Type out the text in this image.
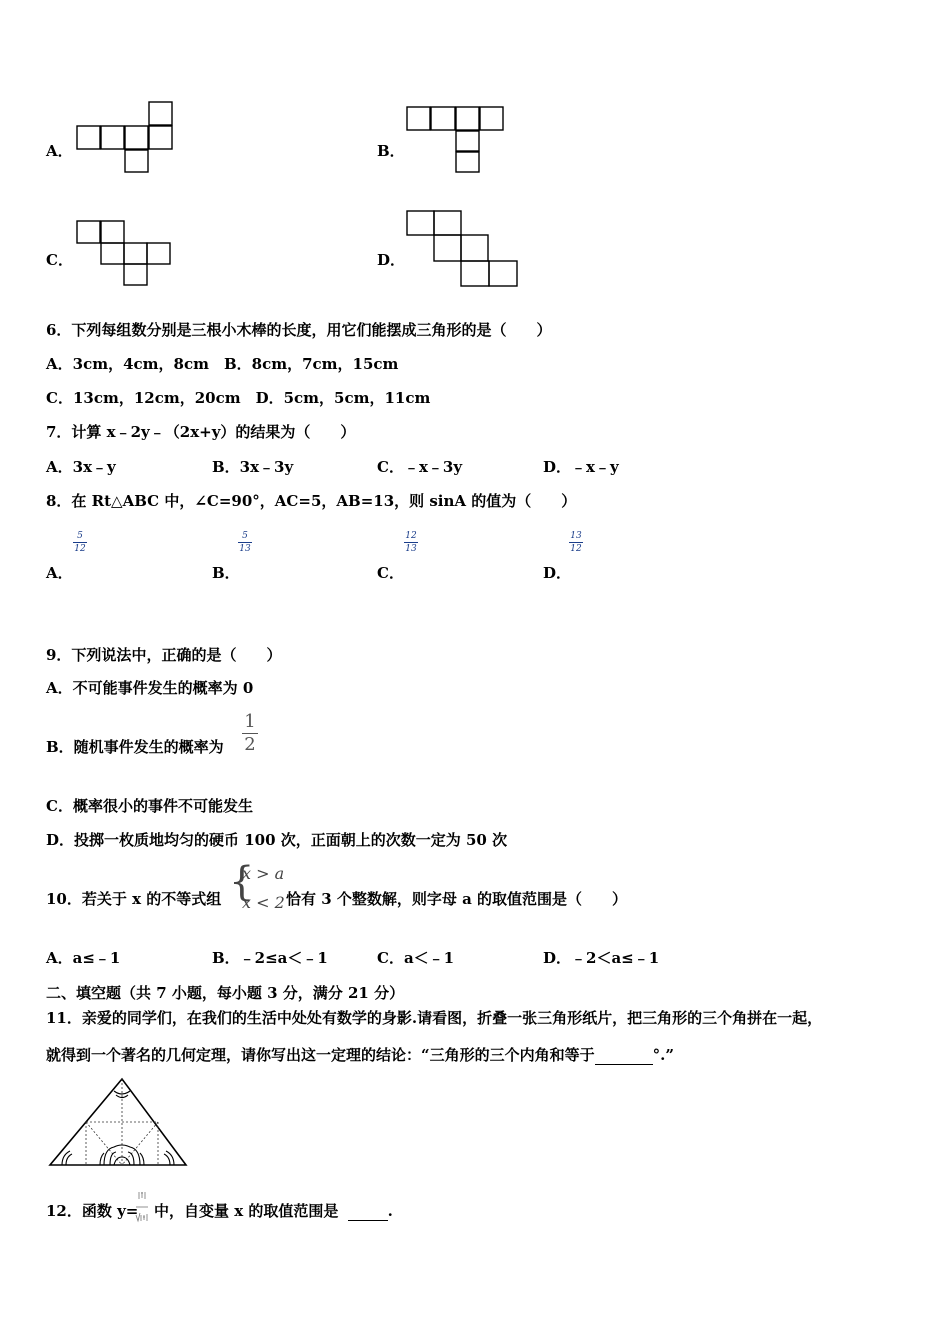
A．	B．
C．	D．
6．下列每组数分别是三根小木棒的长度，用它们能摆成三角形的是（　　）
A．3cm，4cm，8cm　B．8cm，7cm，15cm
C．13cm，12cm，20cm　D．5cm，5cm，11cm
7．计算 x﹣2y﹣（2x+y）的结果为（　　）
A．3x﹣y	B．3x﹣3y	C．﹣x﹣3y	D．﹣x﹣y
8．在 Rt△ABC 中，∠C=90°，AC=5，AB=13，则 sinA 的值为（　　）
A．
5
12
B．
5
13
C．
12
13
D．
13
12
9．下列说法中，正确的是（　　）
A．不可能事件发生的概率为 0
B．随机事件发生的概率为
1
2
C．概率很小的事件不可能发生
D．投掷一枚质地均匀的硬币 100 次，正面朝上的次数一定为 50 次
10．若关于 x 的不等式组 {
x > a
x < 2 恰有 3 个整数解，则字母 a 的取值范围是（　　）
A．a≤﹣1	B．﹣2≤a＜﹣1	C．a＜﹣1	D．﹣2＜a≤﹣1
二、填空题（共 7 小题，每小题 3 分，满分 21 分）
11．亲爱的同学们，在我们的生活中处处有数学的身影.请看图，折叠一张三角形纸片，把三角形的三个角拼在一起，
就得到一个著名的几何定理，请你写出这一定理的结论：“三角形的三个内角和等于	°.”
12．函数 y= 中，自变量 x 的取值范围是	.
